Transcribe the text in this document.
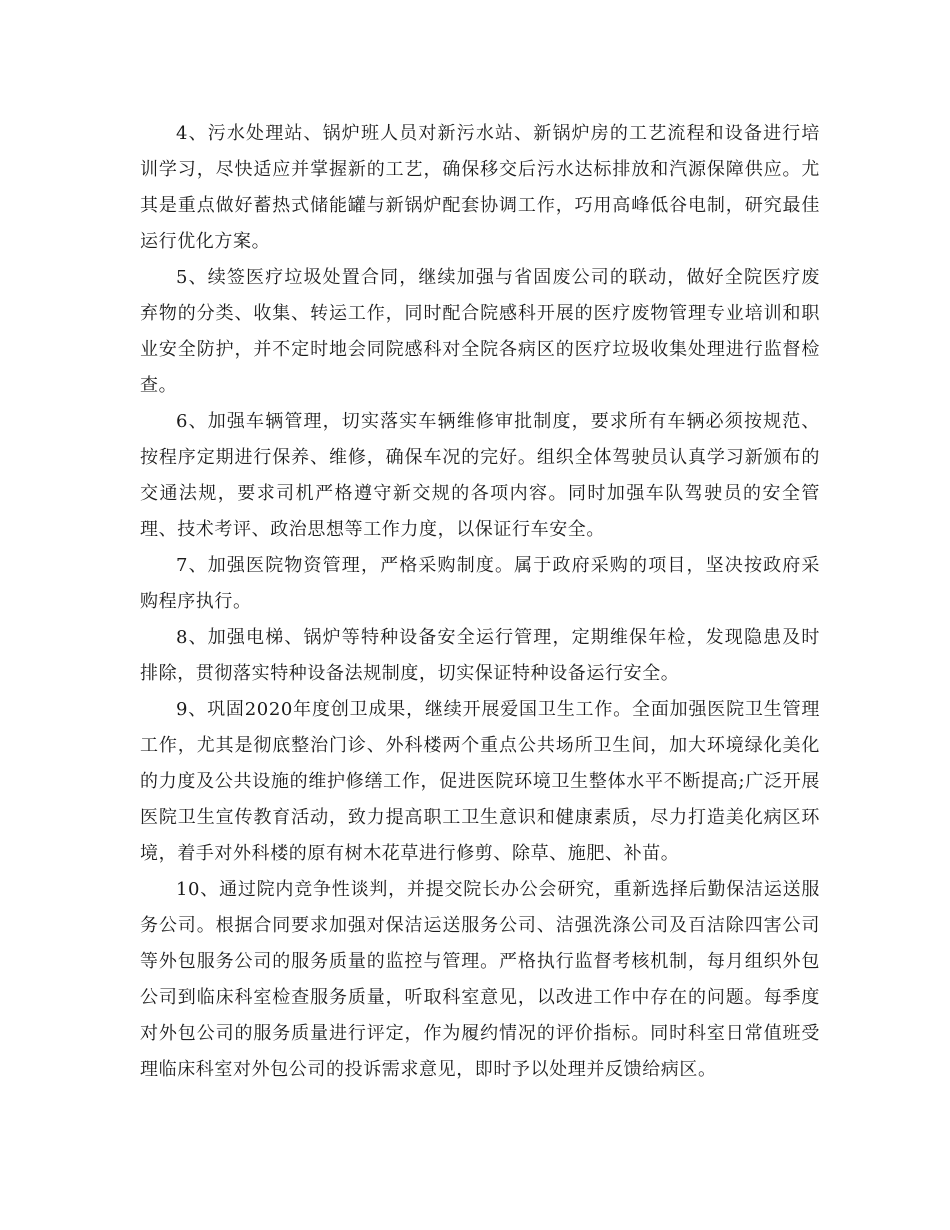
4、污水处理站、锅炉班人员对新污水站、新锅炉房的工艺流程和设备进行培训学习，尽快适应并掌握新的工艺，确保移交后污水达标排放和汽源保障供应。尤其是重点做好蓄热式储能罐与新锅炉配套协调工作，巧用高峰低谷电制，研究最佳运行优化方案。

5、续签医疗垃圾处置合同，继续加强与省固废公司的联动，做好全院医疗废弃物的分类、收集、转运工作，同时配合院感科开展的医疗废物管理专业培训和职业安全防护，并不定时地会同院感科对全院各病区的医疗垃圾收集处理进行监督检查。

6、加强车辆管理，切实落实车辆维修审批制度，要求所有车辆必须按规范、按程序定期进行保养、维修，确保车况的完好。组织全体驾驶员认真学习新颁布的交通法规，要求司机严格遵守新交规的各项内容。同时加强车队驾驶员的安全管理、技术考评、政治思想等工作力度，以保证行车安全。

7、加强医院物资管理，严格采购制度。属于政府采购的项目，坚决按政府采购程序执行。

8、加强电梯、锅炉等特种设备安全运行管理，定期维保年检，发现隐患及时排除，贯彻落实特种设备法规制度，切实保证特种设备运行安全。

9、巩固2020年度创卫成果，继续开展爱国卫生工作。全面加强医院卫生管理工作，尤其是彻底整治门诊、外科楼两个重点公共场所卫生间，加大环境绿化美化的力度及公共设施的维护修缮工作，促进医院环境卫生整体水平不断提高;广泛开展医院卫生宣传教育活动，致力提高职工卫生意识和健康素质，尽力打造美化病区环境，着手对外科楼的原有树木花草进行修剪、除草、施肥、补苗。

10、通过院内竞争性谈判，并提交院长办公会研究，重新选择后勤保洁运送服务公司。根据合同要求加强对保洁运送服务公司、洁强洗涤公司及百洁除四害公司等外包服务公司的服务质量的监控与管理。严格执行监督考核机制，每月组织外包公司到临床科室检查服务质量，听取科室意见，以改进工作中存在的问题。每季度对外包公司的服务质量进行评定，作为履约情况的评价指标。同时科室日常值班受理临床科室对外包公司的投诉需求意见，即时予以处理并反馈给病区。
